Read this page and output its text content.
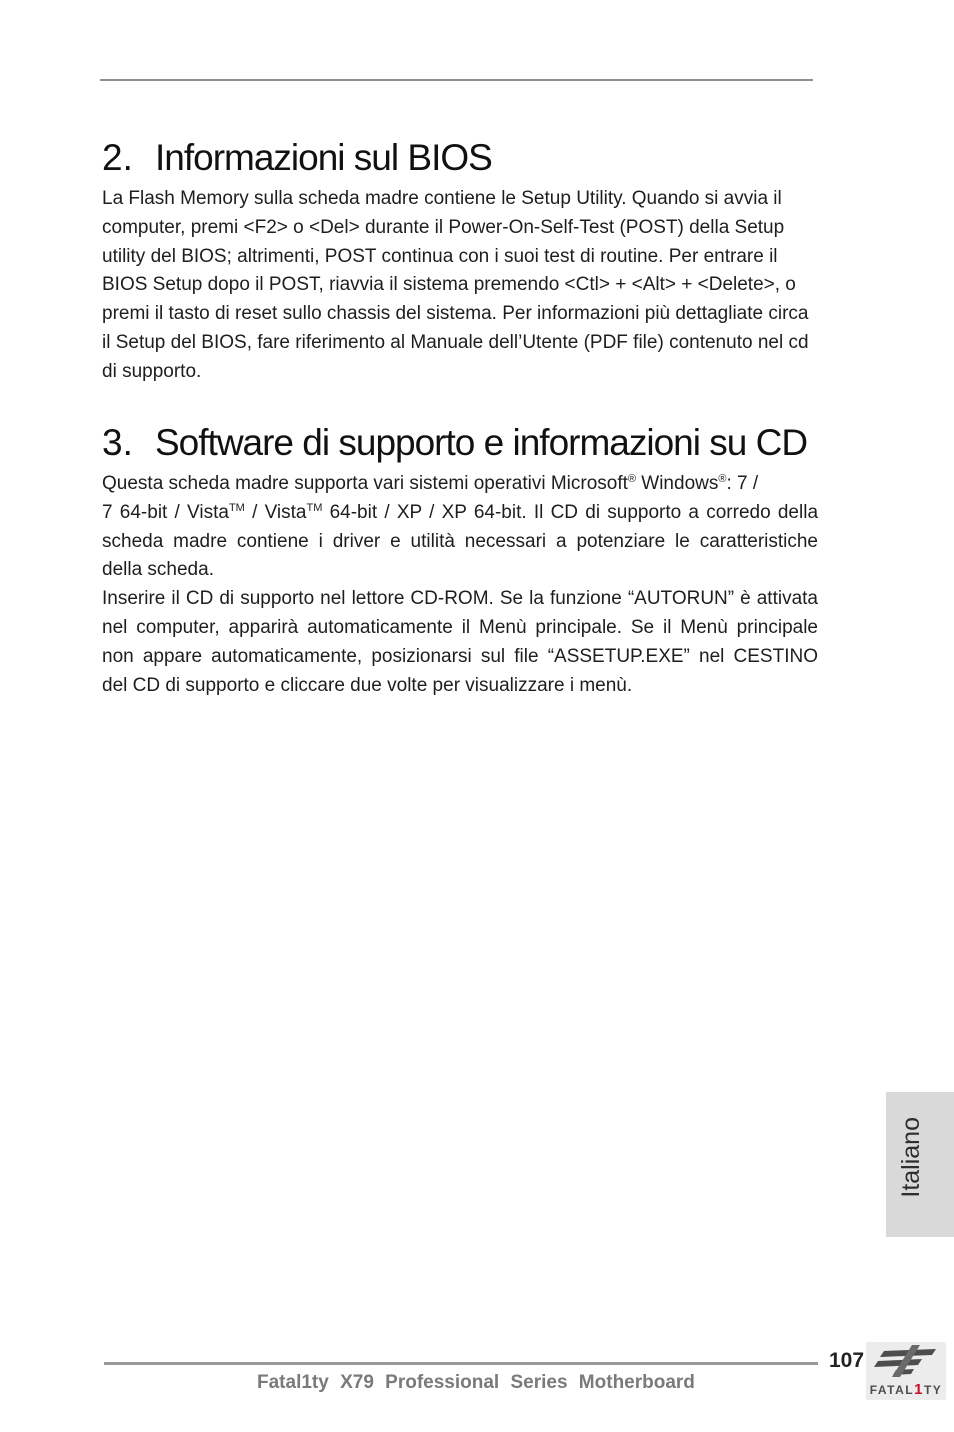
2. Informazioni sul BIOS
La Flash Memory sulla scheda madre contiene le Setup Utility. Quando si avvia il
computer, premi <F2> o <Del> durante il Power-On-Self-Test (POST) della Setup
utility del BIOS; altrimenti, POST continua con i suoi test di routine. Per entrare il
BIOS Setup dopo il POST, riavvia il sistema premendo <Ctl> + <Alt> + <Delete>, o
premi il tasto di reset sullo chassis del sistema. Per informazioni più dettagliate circa
il Setup del BIOS, fare riferimento al Manuale dell’Utente (PDF file) contenuto nel cd
di supporto.
3. Software di supporto e informazioni su CD
Questa scheda madre supporta vari sistemi operativi Microsoft® Windows®: 7 /
7 64-bit / Vista™ / Vista™ 64-bit / XP / XP 64-bit. Il CD di supporto a corredo della
scheda madre contiene i driver e utilità necessari a potenziare le caratteristiche
della scheda.
Inserire il CD di supporto nel lettore CD-ROM. Se la funzione “AUTORUN” è attivata
nel computer, apparirà automaticamente il Menù principale. Se il Menù principale
non appare automaticamente, posizionarsi sul file “ASSETUP.EXE” nel CESTINO
del CD di supporto e cliccare due volte per visualizzare i menù.
Italiano
107
Fatal1ty X79 Professional Series Motherboard	FATAL1TY
